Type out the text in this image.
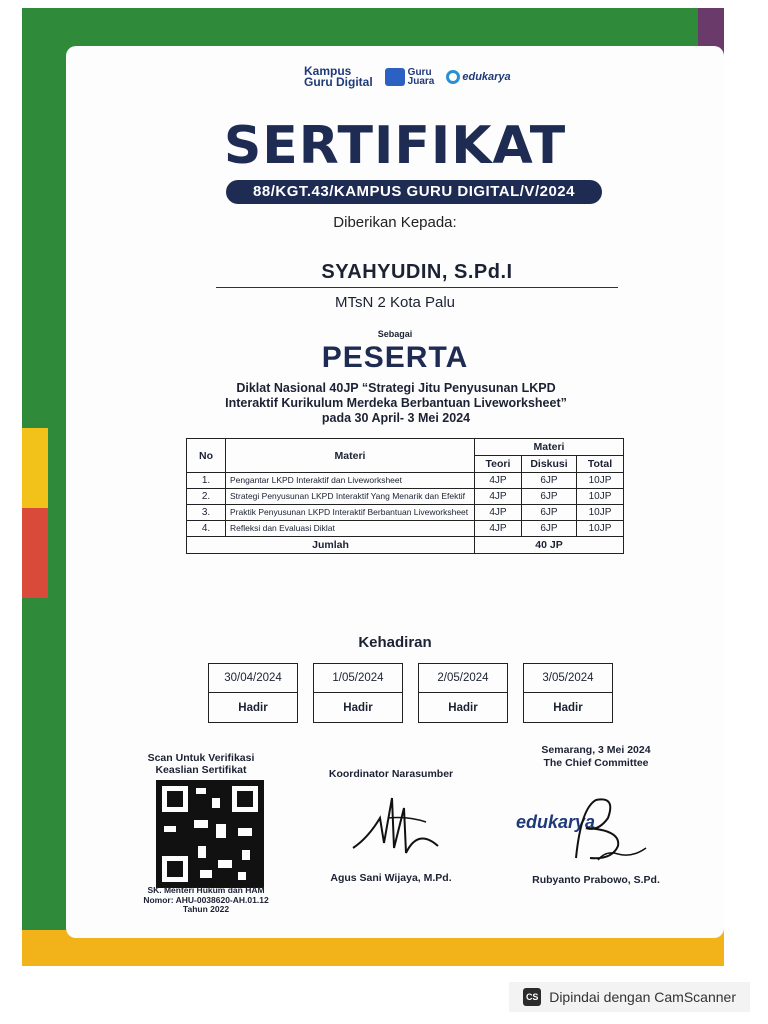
Kampus
Guru Digital
Guru
Juara	edukarya
SERTIFIKAT
88/KGT.43/KAMPUS GURU DIGITAL/V/2024
Diberikan Kepada:
SYAHYUDIN, S.Pd.I
MTsN 2 Kota Palu
Sebagai
PESERTA
Diklat Nasional 40JP “Strategi Jitu Penyusunan LKPD
Interaktif Kurikulum Merdeka Berbantuan Liveworksheet”
pada 30 April- 3 Mei 2024
No	Materi	Materi		
		Teori	Diskusi	Total
1.	Pengantar LKPD Interaktif dan Liveworksheet	4JP	6JP	10JP
2.	Strategi Penyusunan LKPD Interaktif Yang Menarik dan Efektif	4JP	6JP	10JP
3.	Praktik Penyusunan LKPD Interaktif Berbantuan Liveworksheet	4JP	6JP	10JP
4.	Refleksi dan Evaluasi Diklat	4JP	6JP	10JP
Jumlah		40 JP		
Kehadiran
30/04/2024
Hadir
1/05/2024
Hadir
2/05/2024
Hadir
3/05/2024
Hadir
Scan Untuk Verifikasi
Keaslian Sertifikat
SK. Menteri Hukum dan HAM
Nomor: AHU-0038620-AH.01.12
Tahun 2022
Koordinator Narasumber
Agus Sani Wijaya, M.Pd.
Semarang, 3 Mei 2024
The Chief Committee
edukarya
Rubyanto Prabowo, S.Pd.
CS Dipindai dengan CamScanner
